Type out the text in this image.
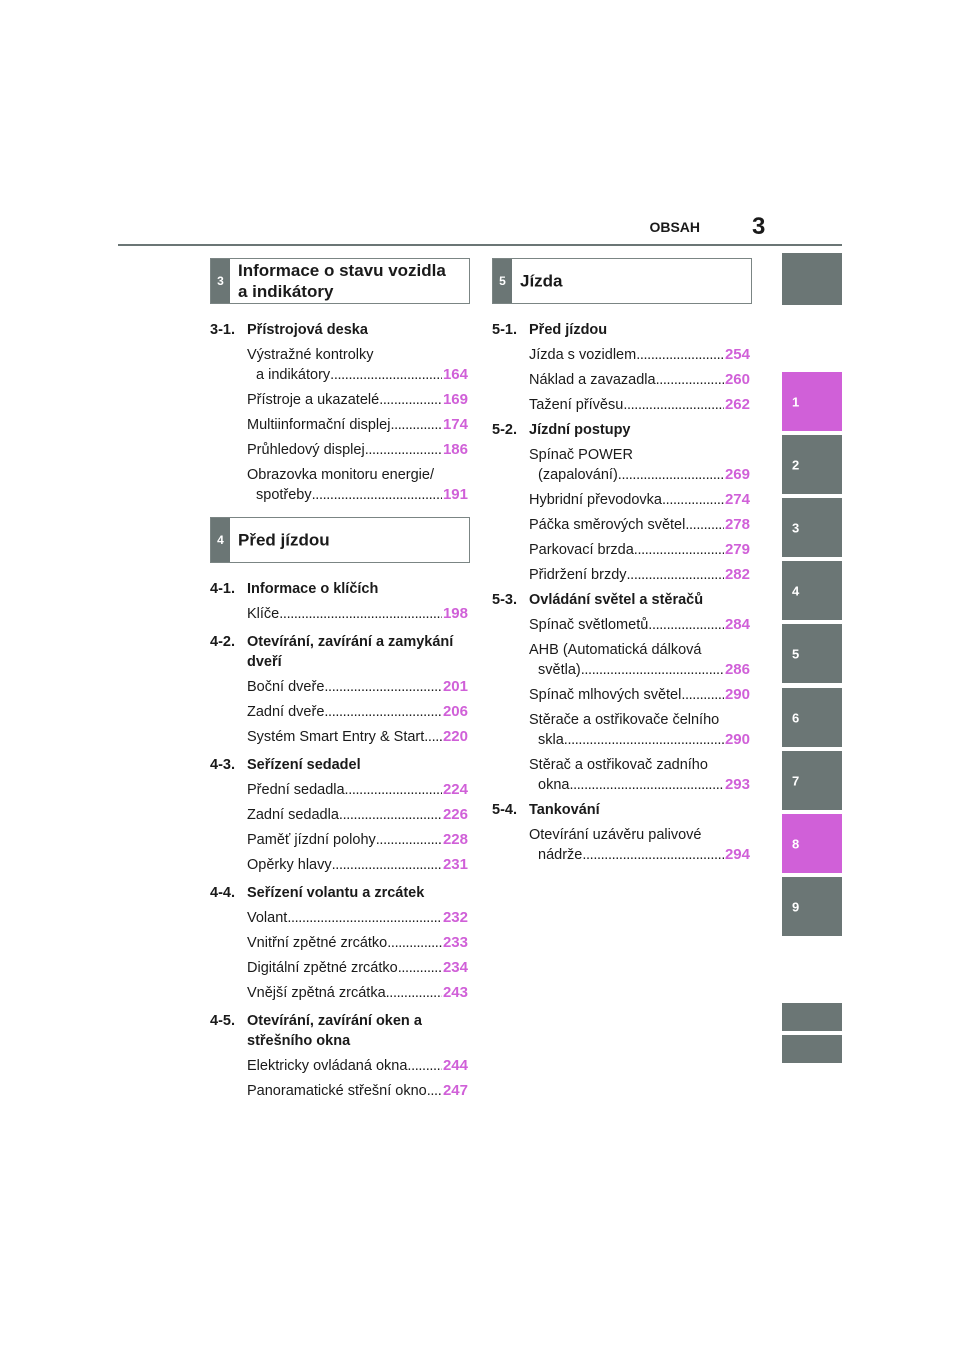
OBSAH 3
1
2
3
4
5
6
7
8
9
3
Informace o stavu vozidla
a indikátory
4 Před jízdou
5 Jízda
3-1. Přístrojová deska
Výstražné kontrolky
a indikátory . . .	164
Přístroje a ukazatelé . . .	169
Multiinformační displej . . .	174
Průhledový displej . . .	186
Obrazovka monitoru energie/
spotřeby . . .	191
4-1. Informace o klíčích
Klíče . . .	198
4-2. Otevírání, zavírání a zamykání dveří
Boční dveře . . .	201
Zadní dveře . . .	206
Systém Smart Entry & Start . . . 220
4-3. Seřízení sedadel
Přední sedadla . . .	224
Zadní sedadla . . .	226
Paměť jízdní polohy . . .	228
Opěrky hlavy . . .	231
4-4. Seřízení volantu a zrcátek
Volant . . .	232
Vnitřní zpětné zrcátko . . .	233
Digitální zpětné zrcátko . . .	234
Vnější zpětná zrcátka . . .	243
4-5. Otevírání, zavírání oken a střešního okna
Elektricky ovládaná okna . . . 244
Panoramatické střešní okno . . . 247
5-1. Před jízdou
Jízda s vozidlem . . .	254
Náklad a zavazadla . . .	260
Tažení přívěsu . . .	262
5-2. Jízdní postupy
Spínač POWER
(zapalování) . . .	269
Hybridní převodovka . . .	274
Páčka směrových světel . . .	278
Parkovací brzda . . .	279
Přidržení brzdy . . .	282
5-3. Ovládání světel a stěračů
Spínač světlometů . . .	284
AHB (Automatická dálková
světla) . . .	286
Spínač mlhových světel . . .	290
Stěrače a ostřikovače čelního
skla . . .	290
Stěrač a ostřikovač zadního
okna . . .	293
5-4. Tankování
Otevírání uzávěru palivové
nádrže . . .	294
